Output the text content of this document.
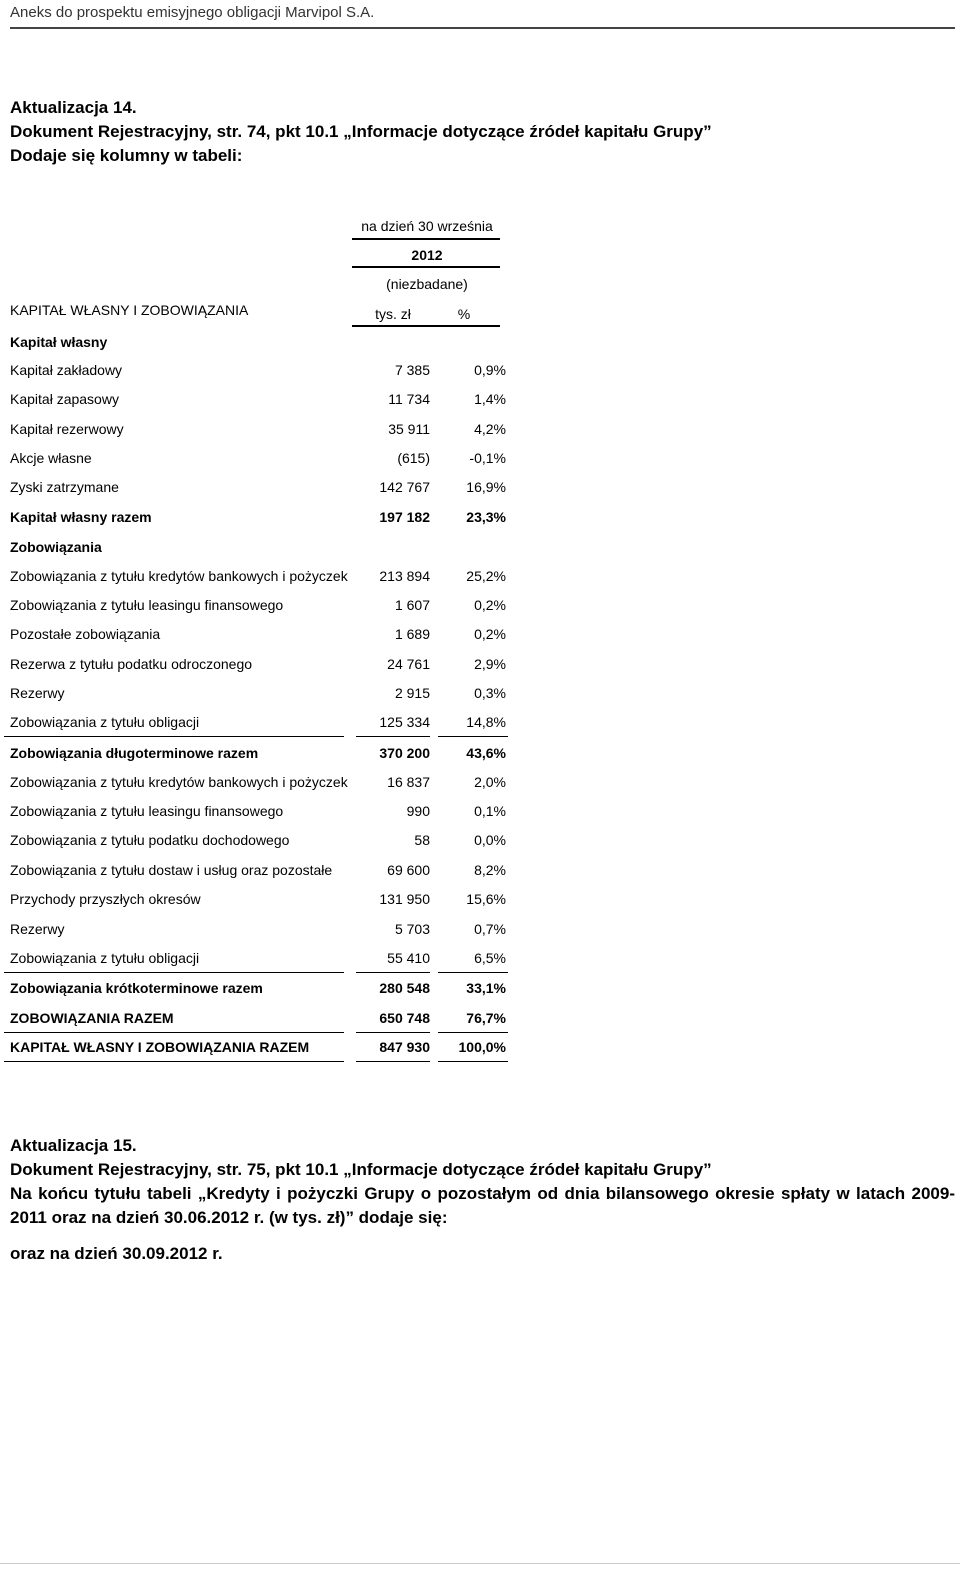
Aneks do prospektu emisyjnego obligacji Marvipol S.A.
Aktualizacja 14.
Dokument Rejestracyjny, str. 74, pkt 10.1 „Informacje dotyczące źródeł kapitału Grupy”
Dodaje się kolumny w tabeli:
na dzień 30 września
2012
(niezbadane)
KAPITAŁ WŁASNY I ZOBOWIĄZANIA	tys. zł	%
Kapitał własny
Kapitał zakładowy	7 385	0,9%
Kapitał zapasowy	11 734	1,4%
Kapitał rezerwowy	35 911	4,2%
Akcje własne	(615)	-0,1%
Zyski zatrzymane	142 767	16,9%
Kapitał własny razem	197 182	23,3%
Zobowiązania
Zobowiązania z tytułu kredytów bankowych i pożyczek	213 894	25,2%
Zobowiązania z tytułu leasingu finansowego	1 607	0,2%
Pozostałe zobowiązania	1 689	0,2%
Rezerwa z tytułu podatku odroczonego	24 761	2,9%
Rezerwy	2 915	0,3%
Zobowiązania z tytułu obligacji	125 334	14,8%
Zobowiązania długoterminowe razem	370 200	43,6%
Zobowiązania z tytułu kredytów bankowych i pożyczek	16 837	2,0%
Zobowiązania z tytułu leasingu finansowego	990	0,1%
Zobowiązania z tytułu podatku dochodowego	58	0,0%
Zobowiązania z tytułu dostaw i usług oraz pozostałe	69 600	8,2%
Przychody przyszłych okresów	131 950	15,6%
Rezerwy	5 703	0,7%
Zobowiązania z tytułu obligacji	55 410	6,5%
Zobowiązania krótkoterminowe razem	280 548	33,1%
ZOBOWIĄZANIA RAZEM	650 748	76,7%
KAPITAŁ WŁASNY I ZOBOWIĄZANIA RAZEM	847 930	100,0%
Aktualizacja 15.
Dokument Rejestracyjny, str. 75, pkt 10.1 „Informacje dotyczące źródeł kapitału Grupy”
Na końcu tytułu tabeli „Kredyty i pożyczki Grupy o pozostałym od dnia bilansowego okresie spłaty w latach 2009-2011 oraz na dzień 30.06.2012 r. (w tys. zł)” dodaje się:
oraz na dzień 30.09.2012 r.
